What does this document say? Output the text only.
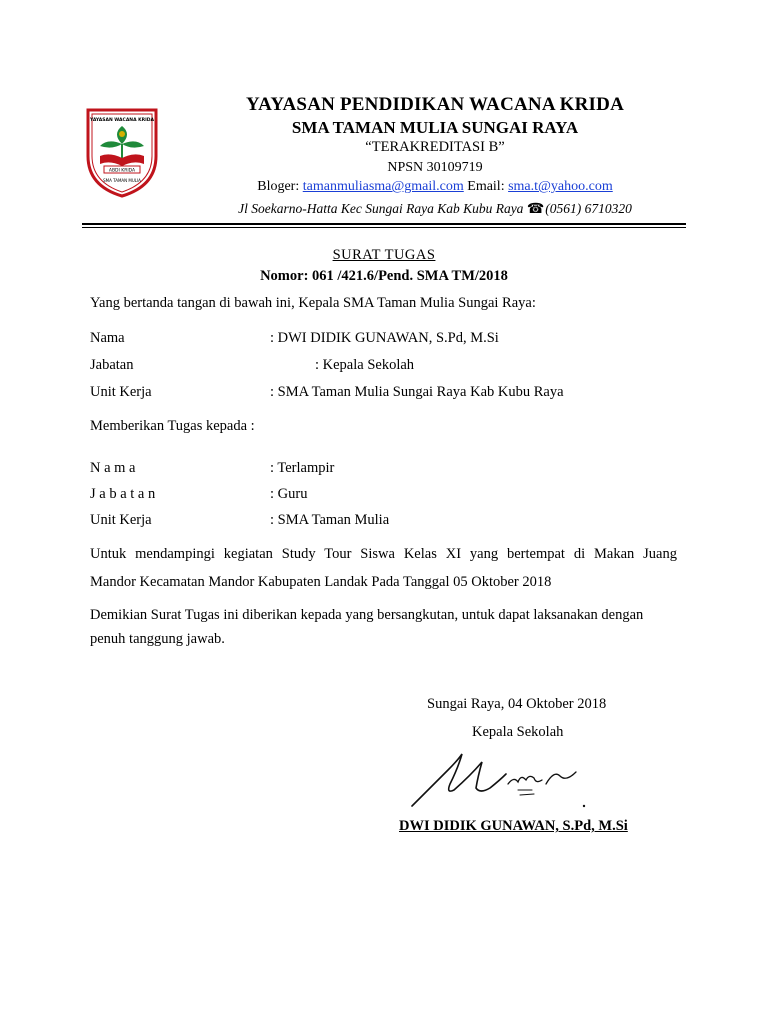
ABDI KRIDA
YAYASAN WACANA KRIDA
SMA TAMAN MULIA
YAYASAN PENDIDIKAN WACANA KRIDA
SMA TAMAN MULIA SUNGAI RAYA
“TERAKREDITASI B”
NPSN 30109719
Bloger: tamanmuliasma@gmail.com Email: sma.t@yahoo.com
Jl Soekarno-Hatta Kec Sungai Raya Kab Kubu Raya ☎(0561) 6710320
SURAT TUGAS
Nomor: 061 /421.6/Pend. SMA TM/2018
Yang bertanda tangan di bawah ini, Kepala SMA Taman Mulia Sungai Raya:
Nama	: DWI DIDIK GUNAWAN, S.Pd, M.Si
Jabatan	: Kepala Sekolah
Unit Kerja	: SMA Taman Mulia Sungai Raya Kab Kubu Raya
Memberikan Tugas kepada :
N a m a	: Terlampir
J a b a t a n	: Guru
Unit Kerja	: SMA Taman Mulia
Untuk mendampingi kegiatan Study Tour Siswa Kelas XI yang bertempat di Makan Juang
Mandor Kecamatan Mandor Kabupaten Landak Pada Tanggal 05 Oktober 2018
Demikian Surat Tugas ini diberikan kepada yang bersangkutan, untuk dapat laksanakan dengan
penuh tanggung jawab.
Sungai Raya, 04 Oktober 2018
Kepala Sekolah
DWI DIDIK GUNAWAN, S.Pd, M.Si
